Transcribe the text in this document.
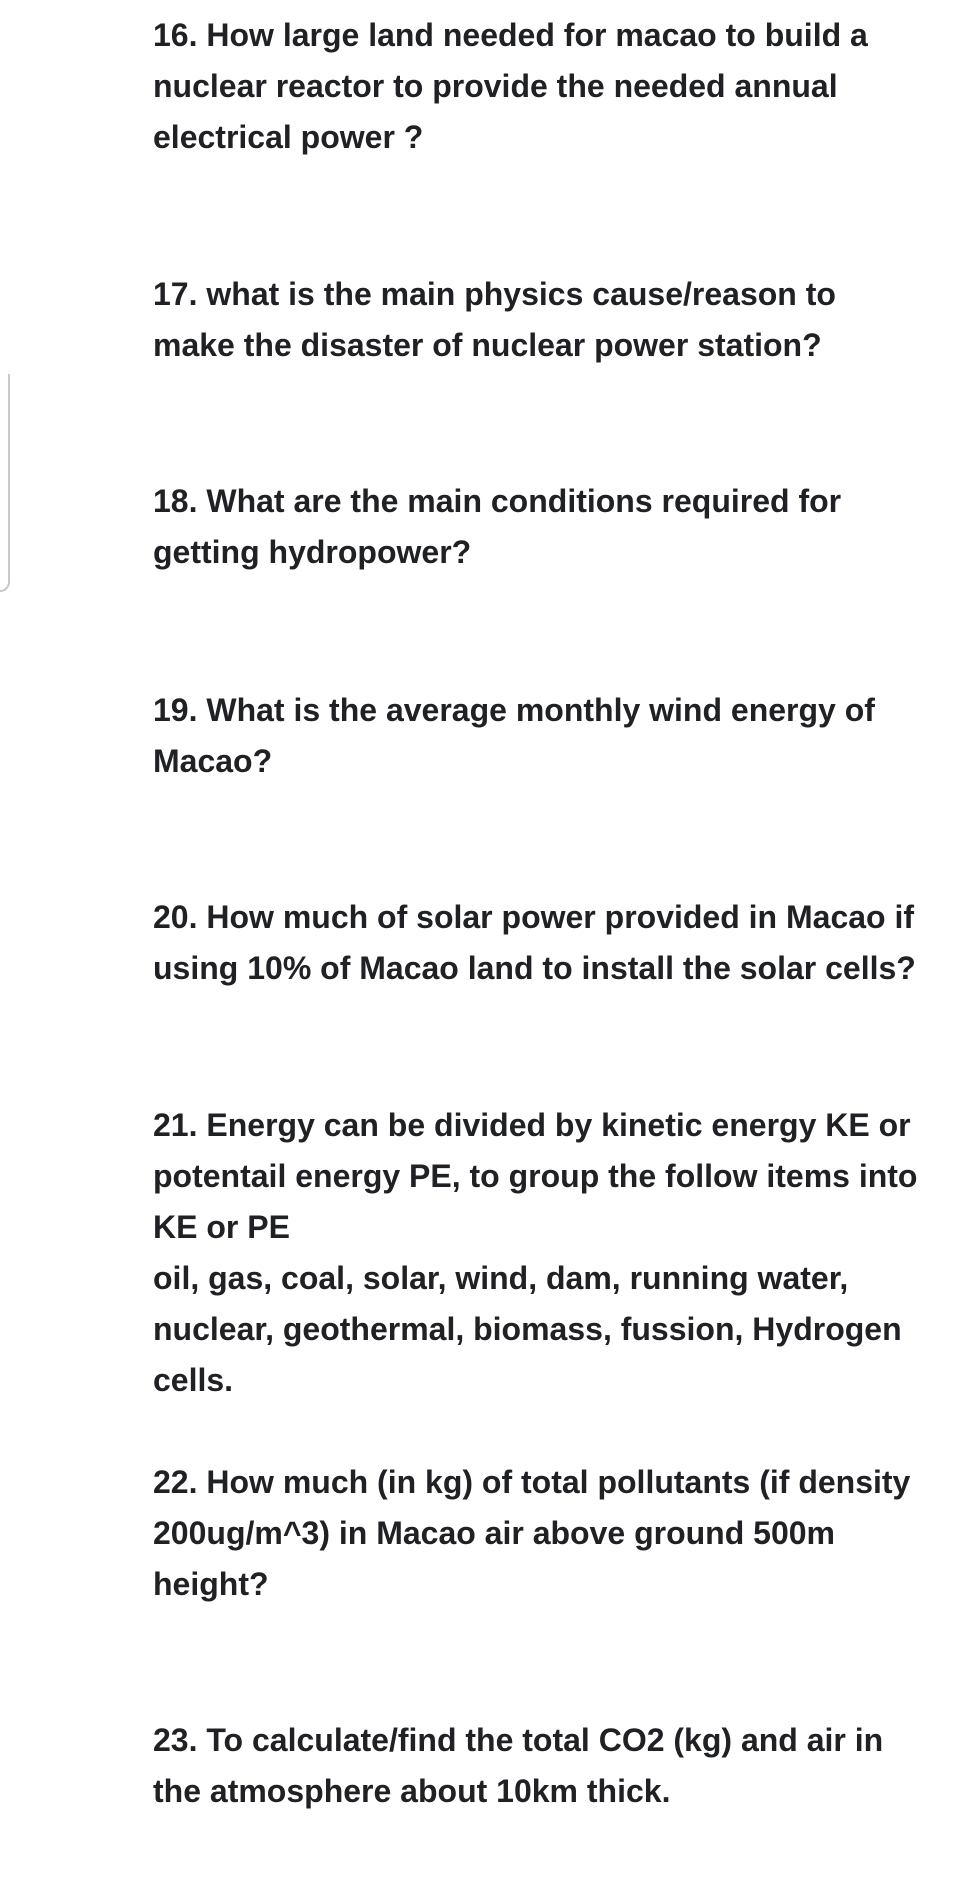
16. How large land needed for macao to build a
nuclear reactor to provide the needed annual
electrical power ?

17. what is the main physics cause/reason to
make the disaster of nuclear power station?

18. What are the main conditions required for
getting hydropower?

19. What is the average monthly wind energy of
Macao?

20. How much of solar power provided in Macao if
using 10% of Macao land to install the solar cells?

21. Energy can be divided by kinetic energy KE or
potentail energy PE, to group the follow items into
KE or PE
oil, gas, coal, solar, wind, dam, running water,
nuclear, geothermal, biomass, fussion, Hydrogen
cells.

22. How much (in kg) of total pollutants (if density
200ug/m^3) in Macao air above ground 500m
height?

23. To calculate/find the total CO2 (kg) and air in
the atmosphere about 10km thick.
